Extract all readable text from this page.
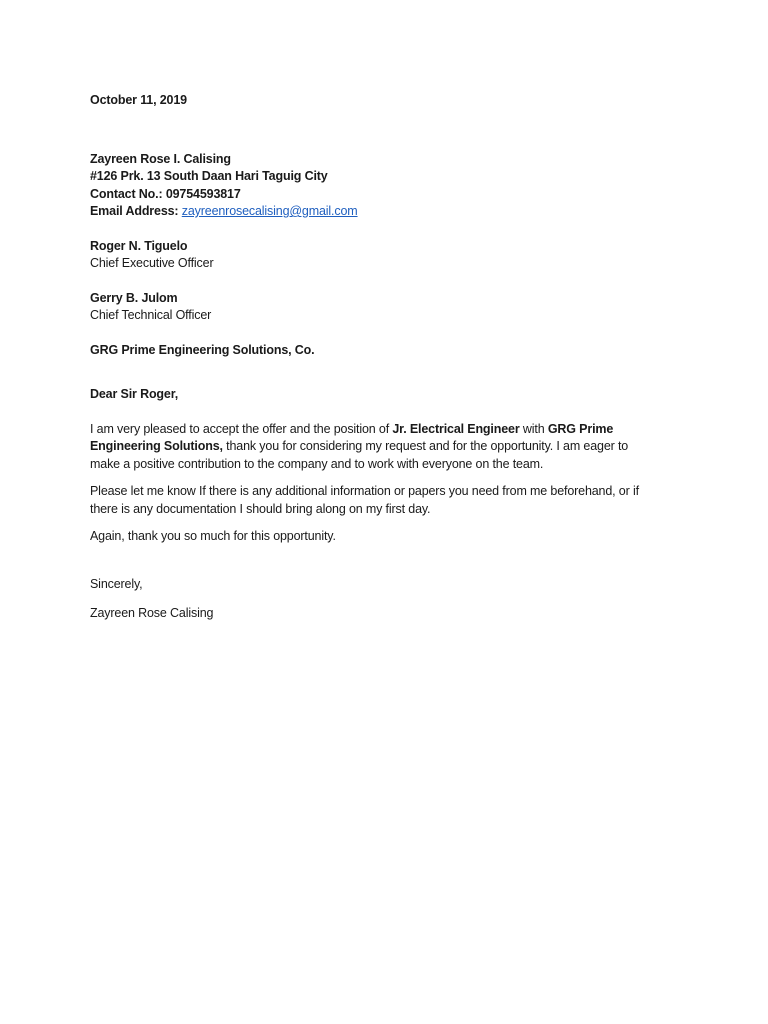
October 11, 2019
Zayreen Rose I. Calising
#126 Prk. 13 South Daan Hari Taguig City
Contact No.: 09754593817
Email Address: zayreenrosecalising@gmail.com
Roger N. Tiguelo
Chief Executive Officer
Gerry B. Julom
Chief Technical Officer
GRG Prime Engineering Solutions, Co.
Dear Sir Roger,

I am very pleased to accept the offer and the position of Jr. Electrical Engineer with GRG Prime Engineering Solutions, thank you for considering my request and for the opportunity. I am eager to make a positive contribution to the company and to work with everyone on the team.

Please let me know If there is any additional information or papers you need from me beforehand, or if there is any documentation I should bring along on my first day.

Again, thank you so much for this opportunity.

Sincerely,
Zayreen Rose Calising
